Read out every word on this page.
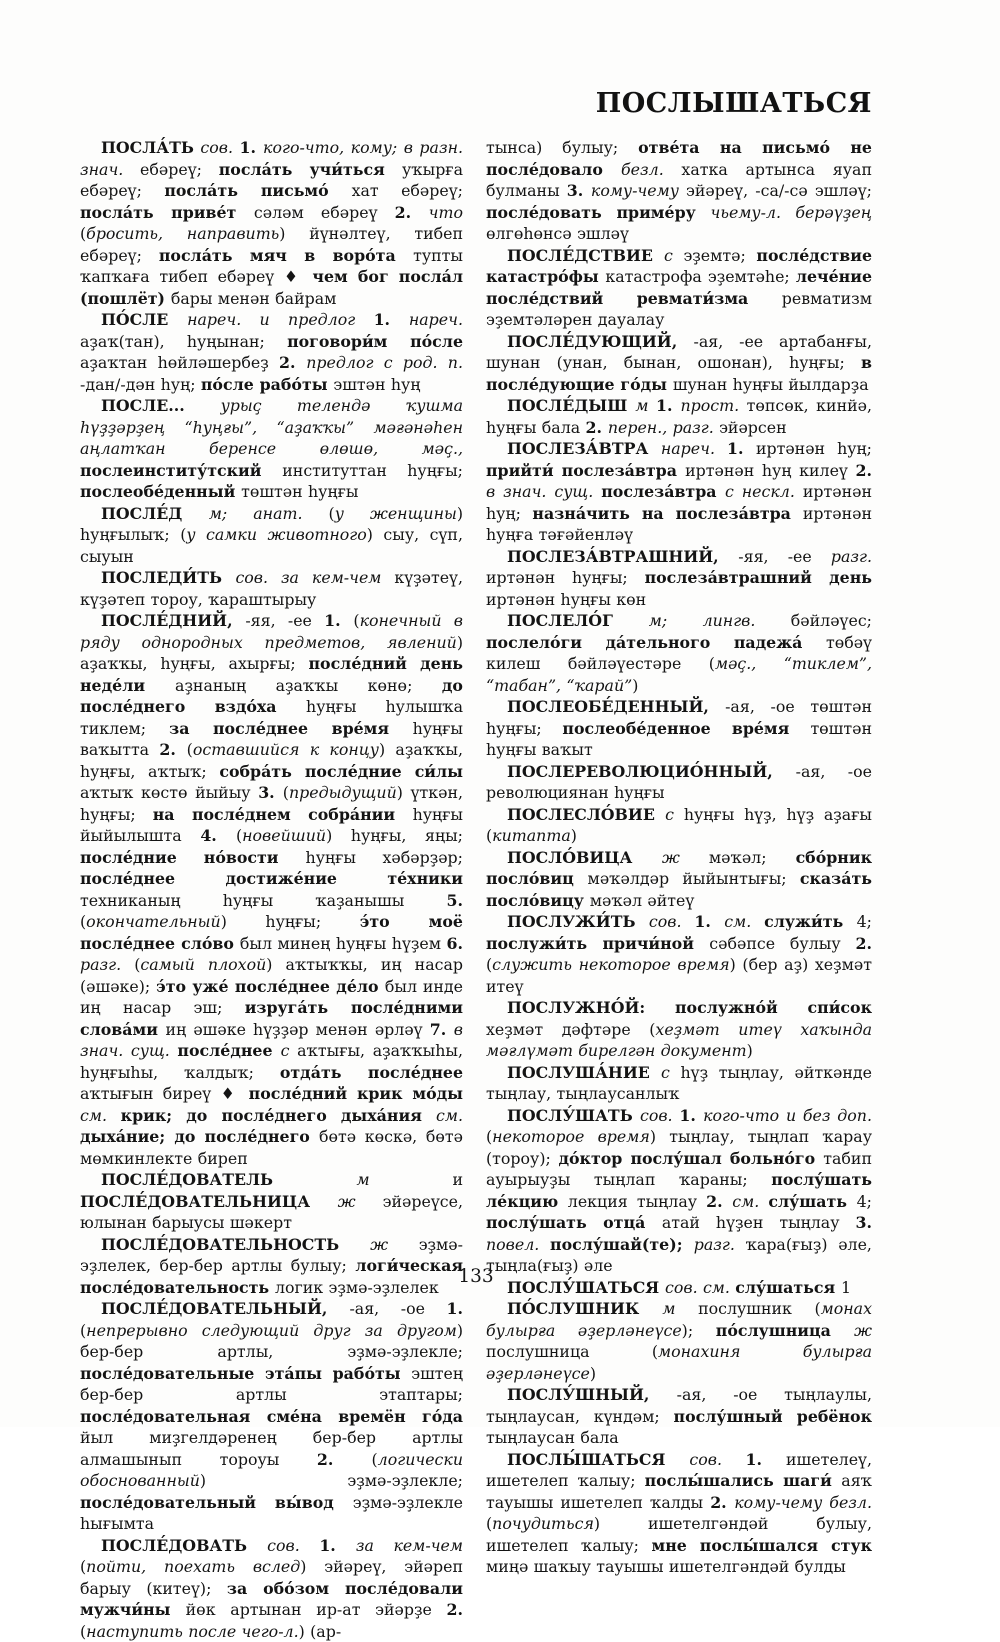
ПОСЛЫШАТЬСЯ

ПОСЛА́ТЬ сов. 1. кого-что, кому; в разн. знач. ебәреү; посла́ть учи́ться уҡырға ебәреү; посла́ть письмо́ хат ебәреү; посла́ть приве́т сәләм ебәреү 2. что (бросить, направить) йүнәлтеү, тибеп ебәреү; посла́ть мяч в воро́та тупты ҡапҡаға тибеп ебәреү ♦ чем бог посла́л (пошлёт) бары менән байрам

ПО́СЛЕ нареч. и предлог 1. нареч. аҙаҡ(тан), һуңынан; поговори́м по́сле аҙаҡтан һөйләшербеҙ 2. предлог с род. п. -дан/-дән һуң; по́сле рабо́ты эштән һуң

ПОСЛЕ... урыҫ телендә ҡушма һүҙҙәрҙең “һуңғы”, “аҙаҡҡы” мәғәнәһен аңлатҡан беренсе өлөшө, мәҫ., послеинститу́тский институттан һуңғы; послеобе́денный төштән һуңғы

ПОСЛЕ́Д м; анат. (у женщины) һуңғылыҡ; (у самки животного) сыу, сүп, сыуын

ПОСЛЕДИ́ТЬ сов. за кем-чем күҙәтеү, күҙәтеп тороу, ҡараштырыу

ПОСЛЕ́ДНИЙ, -яя, -ее 1. (конечный в ряду однородных предметов, явлений) аҙаҡҡы, һуңғы, ахырғы; после́дний день неде́ли аҙнаның аҙаҡҡы көнө; до после́днего вздо́ха һуңғы һулышҡа тиклем; за после́днее вре́мя һуңғы ваҡытта 2. (оставшийся к концу) аҙаҡҡы, һуңғы, аҡтыҡ; собра́ть после́дние си́лы аҡтыҡ көстө йыйыу 3. (предыдущий) үткән, һуңғы; на после́днем собра́нии һуңғы йыйылышта 4. (новейший) һуңғы, яңы; после́дние но́вости һуңғы хәбәрҙәр; после́днее достиже́ние те́хники техниканың һуңғы ҡаҙанышы 5. (окончательный) һуңғы; э́то моё после́днее сло́во был минең һуңғы һүҙем 6. разг. (самый плохой) аҡтыҡҡы, иң насар (әшәке); э́то уже́ после́днее де́ло был инде иң насар эш; изруга́ть после́дними слова́ми иң әшәке һүҙҙәр менән әрләү 7. в знач. сущ. после́днее с аҡтығы, аҙаҡҡыһы, һуңғыһы, ҡалдыҡ; отда́ть после́днее аҡтығын биреү ♦ после́дний крик мо́ды см. крик; до после́днего дыха́ния см. дыха́ние; до после́днего бөтә көскә, бөтә мөмкинлекте биреп

ПОСЛЕ́ДОВАТЕЛЬ м и ПОСЛЕ́ДОВАТЕЛЬНИЦА ж эйәреүсе, юлынан барыусы шәкерт

ПОСЛЕ́ДОВАТЕЛЬНОСТЬ ж эҙмә-эҙлелек, бер-бер артлы булыу; логи́ческая после́довательность логик эҙмә-эҙлелек

ПОСЛЕ́ДОВАТЕЛЬНЫЙ, -ая, -ое 1. (непрерывно следующий друг за другом) бер-бер артлы, эҙмә-эҙлекле; после́довательные эта́пы рабо́ты эштең бер-бер артлы этаптары; после́довательная сме́на времён го́да йыл миҙгелдәренең бер-бер артлы алмашынып тороуы 2. (логически обоснованный) эҙмә-эҙлекле; после́довательный вы́вод эҙмә-эҙлекле һығымта

ПОСЛЕ́ДОВАТЬ сов. 1. за кем-чем (пойти, поехать вслед) эйәреү, эйәреп барыу (китеү); за обо́зом после́довали мужчи́ны йөк артынан ир-ат эйәрҙе 2. (наступить после чего-л.) (ар-

тынса) булыу; отве́та на письмо́ не после́довало безл. хатка артынса яуап булманы 3. кому-чему эйәреү, -са/-сә эшләү; после́довать приме́ру чьему-л. берәүҙең өлгөһөнсә эшләү

ПОСЛЕ́ДСТВИЕ с эҙемтә; после́дствие катастро́фы катастрофа эҙемтәһе; лече́ние после́дствий ревмати́зма ревматизм эҙемтәләрен дауалау

ПОСЛЕ́ДУЮЩИЙ, -ая, -ее артабанғы, шунан (унан, бынан, ошонан), һуңғы; в после́дующие го́ды шунан һуңғы йылдарҙа

ПОСЛЕ́ДЫШ м 1. прост. төпсөк, кинйә, һуңғы бала 2. перен., разг. эйәрсен

ПОСЛЕЗА́ВТРА нареч. 1. иртәнән һуң; прийти́ послеза́втра иртәнән һуң килеү 2. в знач. сущ. послеза́втра с нескл. иртәнән һуң; назна́чить на послеза́втра иртәнән һуңға тәғәйенләү

ПОСЛЕЗА́ВТРАШНИЙ, -яя, -ее разг. иртәнән һуңғы; послеза́втрашний день иртәнән һуңғы көн

ПОСЛЕЛО́Г м; лингв. бәйләүес; послело́ги да́тельного падежа́ төбәү килеш бәйләүестәре (мәҫ., “тиклем”, “табан”, “ҡарай”)

ПОСЛЕОБЕ́ДЕННЫЙ, -ая, -ое төштән һуңғы; послеобе́денное вре́мя төштән һуңғы ваҡыт

ПОСЛЕРЕВОЛЮЦИО́ННЫЙ, -ая, -ое революциянан һуңғы

ПОСЛЕСЛО́ВИЕ с һуңғы һүҙ, һүҙ аҙағы (китапта)

ПОСЛО́ВИЦА ж мәҡәл; сбо́рник посло́виц мәҡәлдәр йыйынтығы; сказа́ть посло́вицу мәҡәл әйтеү

ПОСЛУЖИ́ТЬ сов. 1. см. служи́ть 4; послужи́ть причи́ной сәбәпсе булыу 2. (служить некоторое время) (бер аҙ) хеҙмәт итеү

ПОСЛУЖНО́Й: послужно́й спи́сок хеҙмәт дәфтәре (хеҙмәт итеү хаҡында мәғлүмәт бирелгән документ)

ПОСЛУША́НИЕ с һүҙ тыңлау, әйткәнде тыңлау, тыңлаусанлыҡ

ПОСЛУ́ШАТЬ сов. 1. кого-что и без доп. (некоторое время) тыңлау, тыңлап ҡарау (тороу); до́ктор послу́шал больно́го табип ауырыуҙы тыңлап ҡараны; послу́шать ле́кцию лекция тыңлау 2. см. слу́шать 4; послу́шать отца́ атай һүҙен тыңлау 3. повел. послу́шай(те); разг. ҡара(ғыҙ) әле, тыңла(ғыҙ) әле

ПОСЛУ́ШАТЬСЯ сов. см. слу́шаться 1

ПО́СЛУШНИК м послушник (монах булырға әҙерләнеүсе); по́слушница ж послушница (монахиня булырға әҙерләнеүсе)

ПОСЛУ́ШНЫЙ, -ая, -ое тыңлаулы, тыңлаусан, күндәм; послу́шный ребёнок тыңлаусан бала

ПОСЛЫ́ШАТЬСЯ сов. 1. ишетелеү, ишетелеп ҡалыу; послы́шались шаги́ аяҡ тауышы ишетелеп ҡалды 2. кому-чему безл. (почудиться) ишетелгәндәй булыу, ишетелеп ҡалыу; мне послы́шался стук миңә шаҡыу тауышы ишетелгәндәй булды

133
